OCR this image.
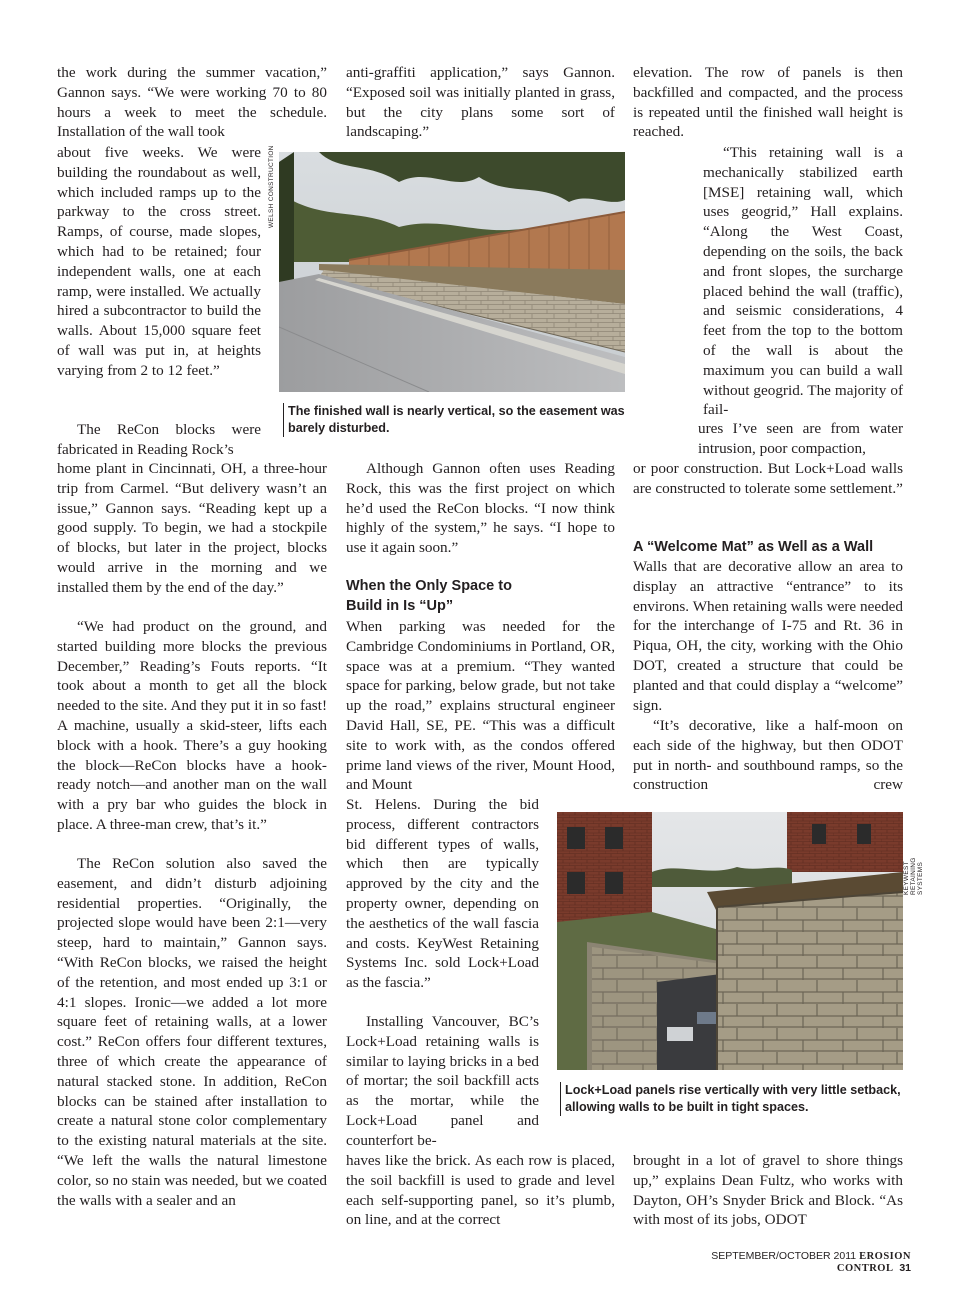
the work during the summer vacation,” Gannon says. “We were working 70 to 80 hours a week to meet the schedule. Installation of the wall took
about five weeks. We were building the roundabout as well, which included ramps up to the parkway to the cross street. Ramps, of course, made slopes, which had to be retained; four independent walls, one at each ramp, were installed. We actually hired a subcontractor to build the walls. About 15,000 square feet of wall was put in, at heights varying from 2 to 12 feet.”
The ReCon blocks were
fabricated in Reading Rock’s
home plant in Cincinnati, OH, a three-hour trip from Carmel. “But delivery wasn’t an issue,” Gannon says. “Reading kept up a good supply. To begin, we had a stockpile of blocks, but later in the project, blocks would arrive in the morning and we installed them by the end of the day.”
“We had product on the ground, and started building more blocks the previous December,” Reading’s Fouts reports. “It took about a month to get all the block needed to the site. And they put it in so fast! A machine, usually a skid-steer, lifts each block with a hook. There’s a guy hooking the block—ReCon blocks have a hook-ready notch—and another man on the wall with a pry bar who guides the block in place. A three-man crew, that’s it.”
The ReCon solution also saved the easement, and didn’t disturb adjoining residential properties. “Originally, the projected slope would have been 2:1—very steep, hard to maintain,” Gannon says. “With ReCon blocks, we raised the height of the retention, and most ended up 3:1 or 4:1 slopes. Ironic—we added a lot more square feet of retaining walls, at a lower cost.” ReCon offers four different textures, three of which create the appearance of natural stacked stone. In addition, ReCon blocks can be stained after installation to create a natural stone color complementary to the existing natural materials at the site. “We left the walls the natural limestone color, so no stain was needed, but we coated the walls with a sealer and an
WELSH CONSTRUCTION
The finished wall is nearly vertical, so the easement was barely disturbed.
anti-graffiti application,” says Gannon. “Exposed soil was initially planted in grass, but the city plans some sort of landscaping.”
Although Gannon often uses Reading Rock, this was the first project on which he’d used the ReCon blocks. “I now think highly of the system,” he says. “I hope to use it again soon.”
When the Only Space to Build in Is “Up”
When parking was needed for the Cambridge Condominiums in Portland, OR, space was at a premium. “They wanted space for parking, below grade, but not take up the road,” explains structural engineer David Hall, SE, PE. “This was a difficult site to work with, as the condos offered prime land views of the river, Mount Hood, and Mount
St. Helens. During the bid process, different contractors bid different types of walls, which then are typically approved by the city and the property owner, depending on the aesthetics of the wall fascia and costs. KeyWest Retaining Systems Inc. sold Lock+Load as the fascia.”
Installing Vancouver, BC’s Lock+Load retaining walls is similar to laying bricks in a bed of mortar; the soil backfill acts as the mortar, while the Lock+Load panel and counterfort be-
haves like the brick. As each row is placed, the soil backfill is used to grade and level each self-supporting panel, so it’s plumb, on line, and at the correct
elevation. The row of panels is then backfilled and compacted, and the process is repeated until the finished wall height is reached.
“This retaining wall is a mechanically stabilized earth [MSE] retaining wall, which uses geogrid,” Hall explains. “Along the West Coast, depending on the soils, the back and front slopes, the surcharge placed behind the wall (traffic), and seismic considerations, 4 feet from the top to the bottom of the wall is about the maximum you can build a wall without geogrid. The majority of fail-
ures I’ve seen are from water intrusion, poor compaction,
or poor construction. But Lock+Load walls are constructed to tolerate some settlement.”
A “Welcome Mat” as Well as a Wall
Walls that are decorative allow an area to display an attractive “entrance” to its environs. When retaining walls were needed for the interchange of I-75 and Rt. 36 in Piqua, OH, the city, working with the Ohio DOT, created a structure that could be planted and that could display a “welcome” sign.
“It’s decorative, like a half-moon on each side of the highway, but then ODOT put in north- and southbound ramps, so the construction crew
brought in a lot of gravel to shore things up,” explains Dean Fultz, who works with Dayton, OH’s Snyder Brick and Block. “As with most of its jobs, ODOT
KEYWEST RETAINING SYSTEMS
Lock+Load panels rise vertically with very little setback, allowing walls to be built in tight spaces.
SEPTEMBER/OCTOBER 2011 EROSION CONTROL 31
